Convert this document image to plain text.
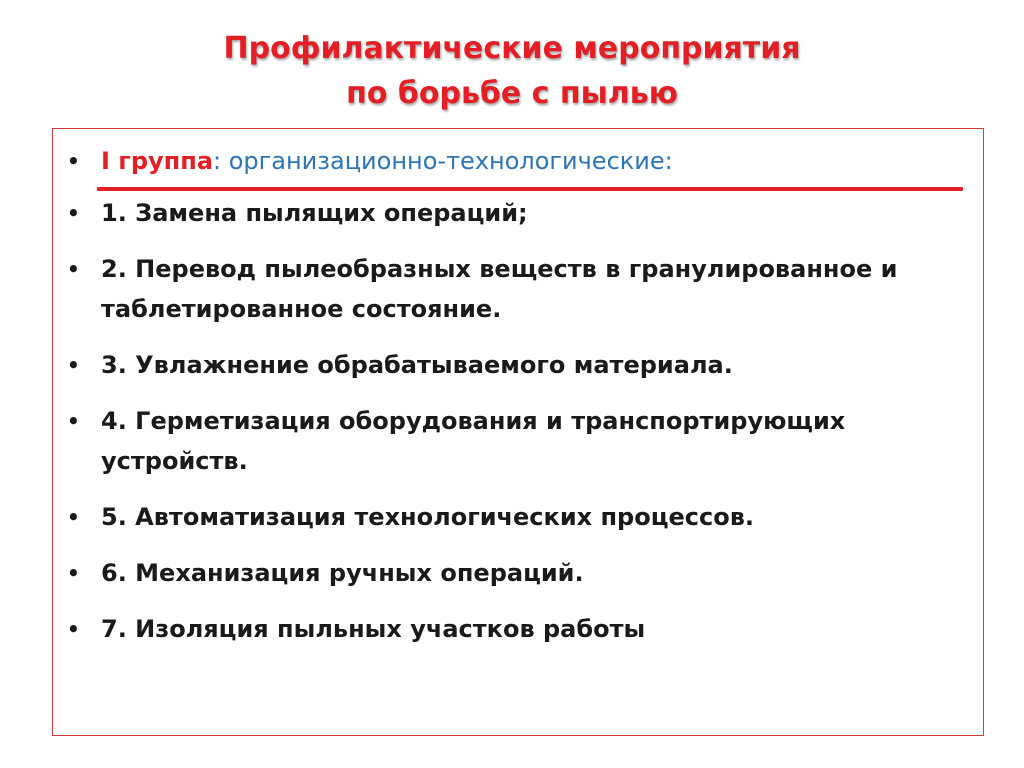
Профилактические мероприятия
по борьбе с пылью
• I группа: организационно-технологические:
• 1. Замена пылящих операций;
• 2. Перевод пылеобразных веществ в гранулированное и таблетированное состояние.
• 3. Увлажнение обрабатываемого материала.
• 4. Герметизация оборудования и транспортирующих устройств.
• 5. Автоматизация технологических процессов.
• 6. Механизация ручных операций.
• 7. Изоляция пыльных участков работы
